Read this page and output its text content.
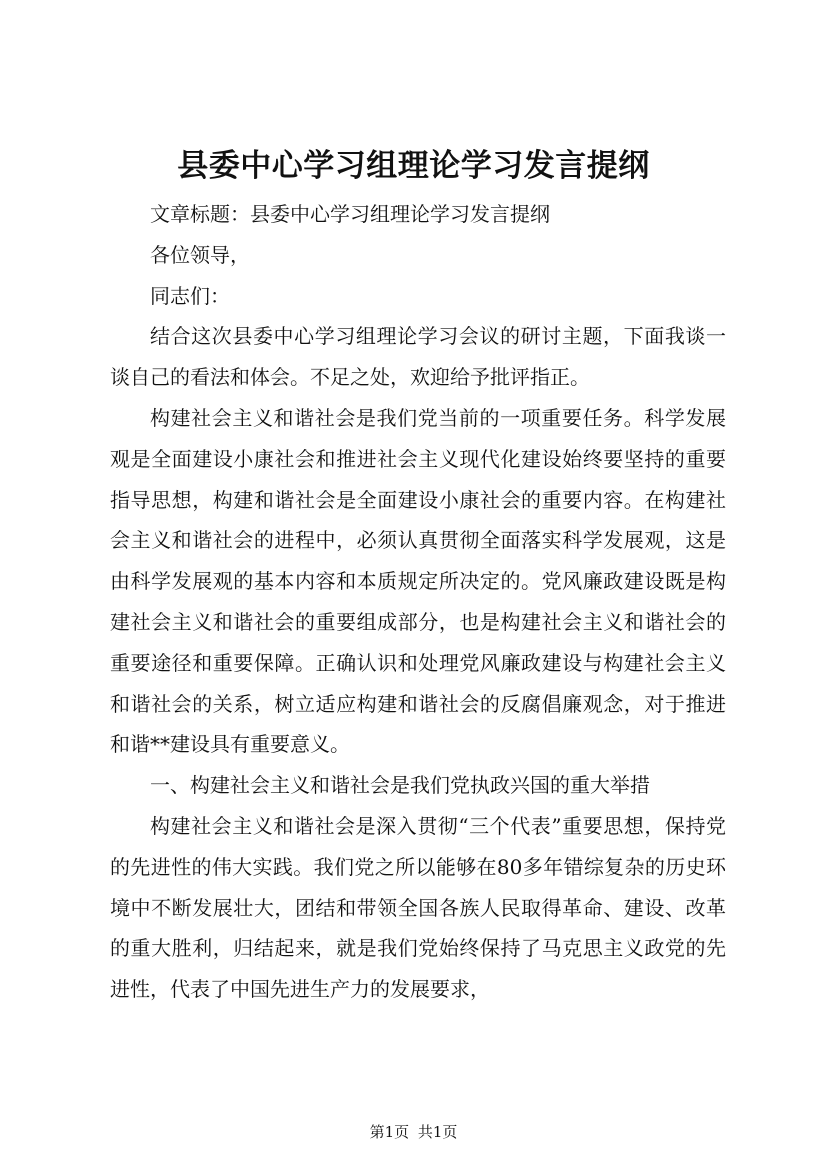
县委中心学习组理论学习发言提纲

文章标题：县委中心学习组理论学习发言提纲

各位领导，

同志们：

结合这次县委中心学习组理论学习会议的研讨主题，下面我谈一谈自己的看法和体会。不足之处，欢迎给予批评指正。

构建社会主义和谐社会是我们党当前的一项重要任务。科学发展观是全面建设小康社会和推进社会主义现代化建设始终要坚持的重要指导思想，构建和谐社会是全面建设小康社会的重要内容。在构建社会主义和谐社会的进程中，必须认真贯彻全面落实科学发展观，这是由科学发展观的基本内容和本质规定所决定的。党风廉政建设既是构建社会主义和谐社会的重要组成部分，也是构建社会主义和谐社会的重要途径和重要保障。正确认识和处理党风廉政建设与构建社会主义和谐社会的关系，树立适应构建和谐社会的反腐倡廉观念，对于推进和谐**建设具有重要意义。

一、构建社会主义和谐社会是我们党执政兴国的重大举措

构建社会主义和谐社会是深入贯彻“三个代表”重要思想，保持党的先进性的伟大实践。我们党之所以能够在80多年错综复杂的历史环境中不断发展壮大，团结和带领全国各族人民取得革命、建设、改革的重大胜利，归结起来，就是我们党始终保持了马克思主义政党的先进性，代表了中国先进生产力的发展要求，

第1页 共1页
